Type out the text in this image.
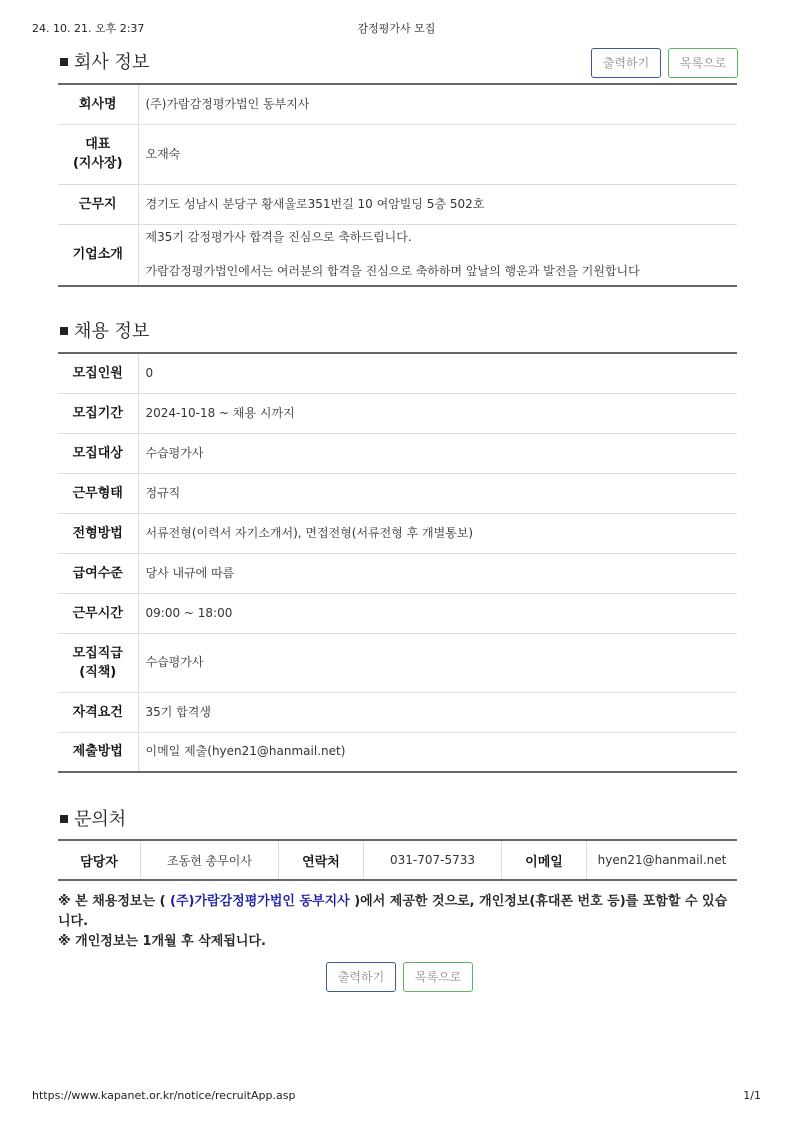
24. 10. 21. 오후 2:37	감정평가사 모집
회사 정보	출력하기	목록으로
회사명	(주)가람감정평가법인 동부지사
대표
(지사장)	오재숙
근무지	경기도 성남시 분당구 황새울로351번길 10 여암빌딩 5층 502호
기업소개	제35기 감정평가사 합격을 진심으로 축하드립니다.
가람감정평가법인에서는 여러분의 합격을 진심으로 축하하며 앞날의 행운과 발전을 기원합니다
채용 정보
모집인원	0
모집기간	2024-10-18 ~ 채용 시까지
모집대상	수습평가사
근무형태	정규직
전형방법	서류전형(이력서 자기소개서), 면접전형(서류전형 후 개별통보)
급여수준	당사 내규에 따름
근무시간	09:00 ~ 18:00
모집직급
(직책)	수습평가사
자격요건	35기 합격생
제출방법	이메일 제출(hyen21@hanmail.net)
문의처
담당자	조동현 총무이사	연락처	031-707-5733	이메일	hyen21@hanmail.net
※ 본 채용정보는 ( (주)가람감정평가법인 동부지사 )에서 제공한 것으로, 개인정보(휴대폰 번호 등)를 포함할 수 있습니다.
※ 개인정보는 1개월 후 삭제됩니다.
출력하기	목록으로
https://www.kapanet.or.kr/notice/recruitApp.asp	1/1
